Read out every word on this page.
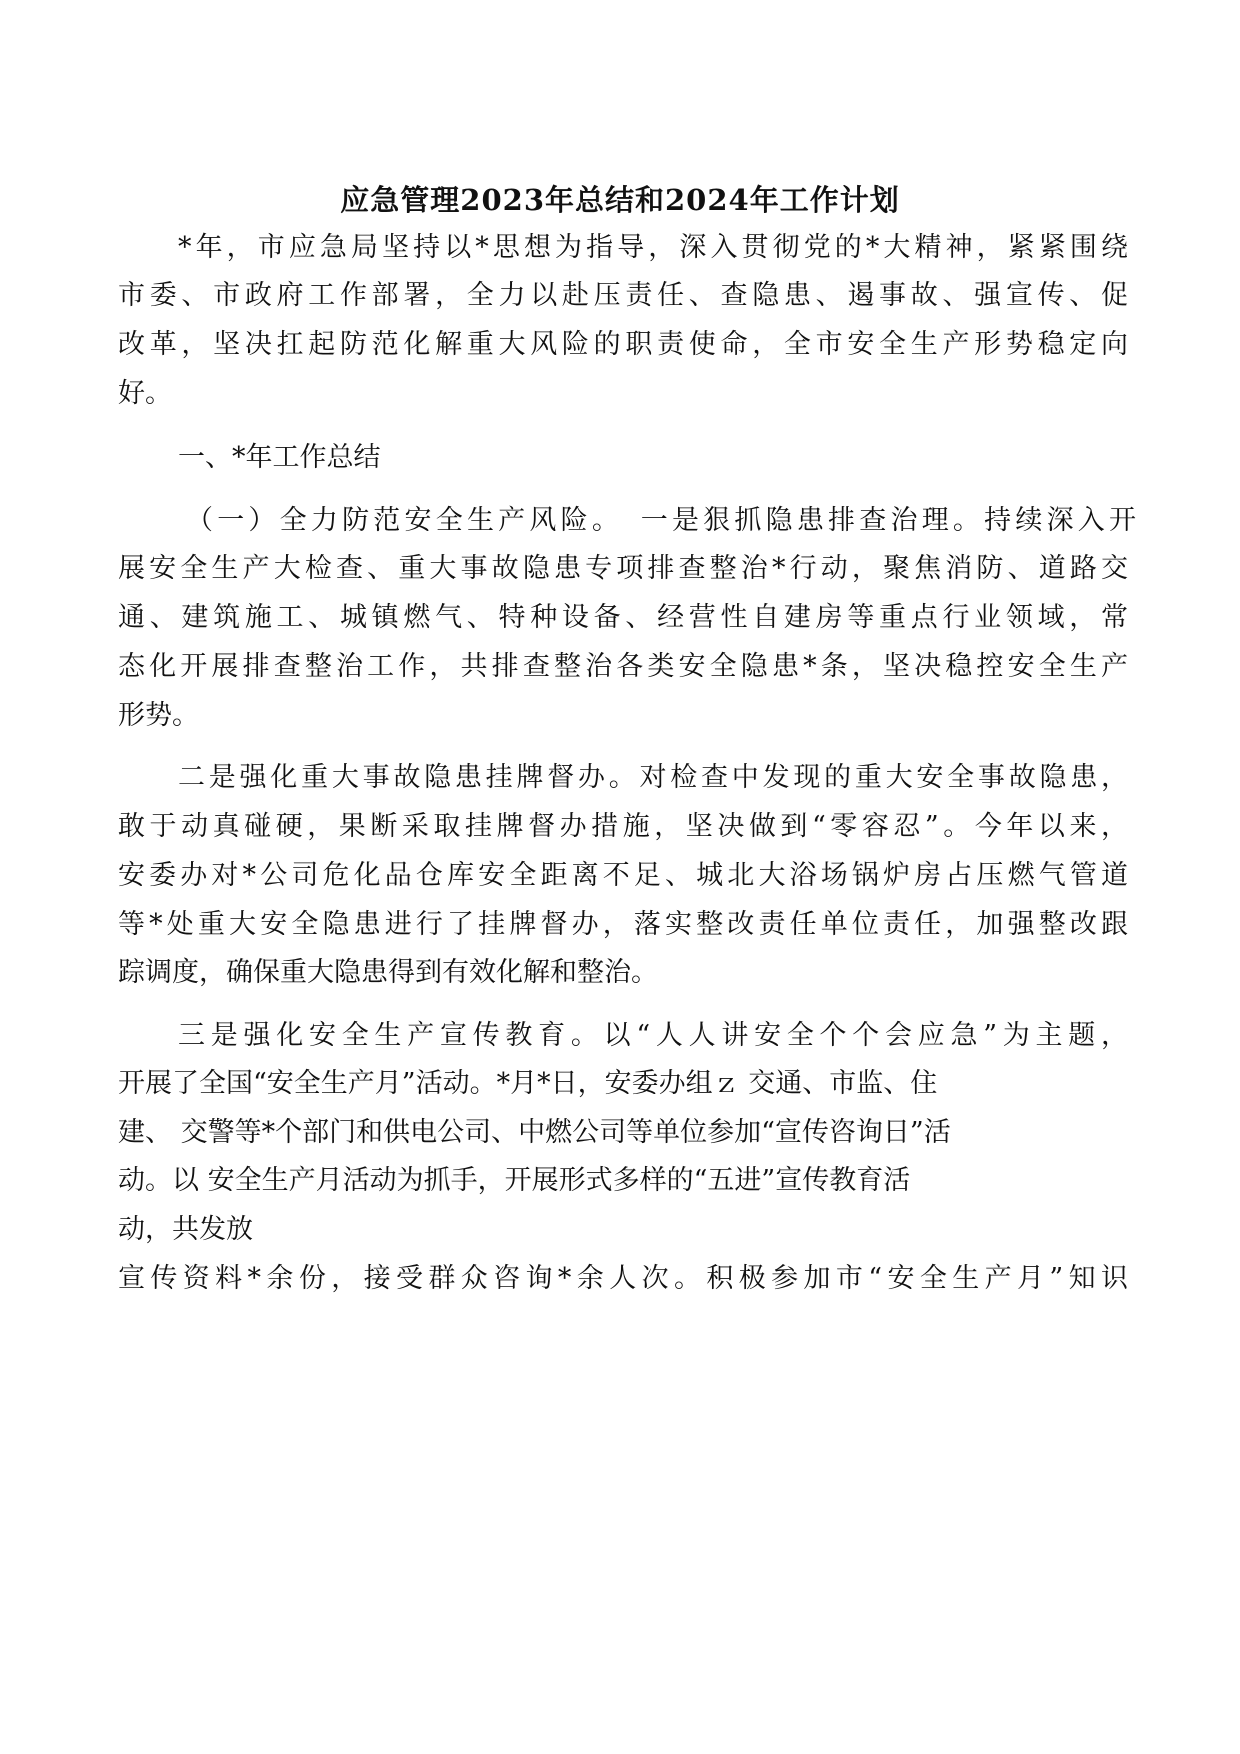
应急管理2023年总结和2024年工作计划
*年，市应急局坚持以*思想为指导，深入贯彻党的*大精神，紧紧围绕
市委、市政府工作部署，全力以赴压责任、查隐患、遏事故、强宣传、促
改革，坚决扛起防范化解重大风险的职责使命，全市安全生产形势稳定向
好。
一、*年工作总结
（一）全力防范安全生产风险。　一是狠抓隐患排查治理。持续深入开
展安全生产大检查、重大事故隐患专项排查整治*行动，聚焦消防、道路交
通、建筑施工、城镇燃气、特种设备、经营性自建房等重点行业领域，常
态化开展排查整治工作，共排查整治各类安全隐患*条，坚决稳控安全生产
形势。
二是强化重大事故隐患挂牌督办。对检查中发现的重大安全事故隐患，
敢于动真碰硬，果断采取挂牌督办措施，坚决做到“零容忍”。今年以来，
安委办对*公司危化品仓库安全距离不足、城北大浴场锅炉房占压燃气管道
等*处重大安全隐患进行了挂牌督办，落实整改责任单位责任，加强整改跟
踪调度，确保重大隐患得到有效化解和整治。
三是强化安全生产宣传教育。以“人人讲安全个个会应急”为主题，
开展了全国“安全生产月”活动。*月*日，安委办组ｚ 交通、市监、住
建、 交警等*个部门和供电公司、中燃公司等单位参加“宣传咨询日”活
动。以 安全生产月活动为抓手，开展形式多样的“五进”宣传教育活
动，共发放
宣传资料*余份，接受群众咨询*余人次。积极参加市“安全生产月”知识
